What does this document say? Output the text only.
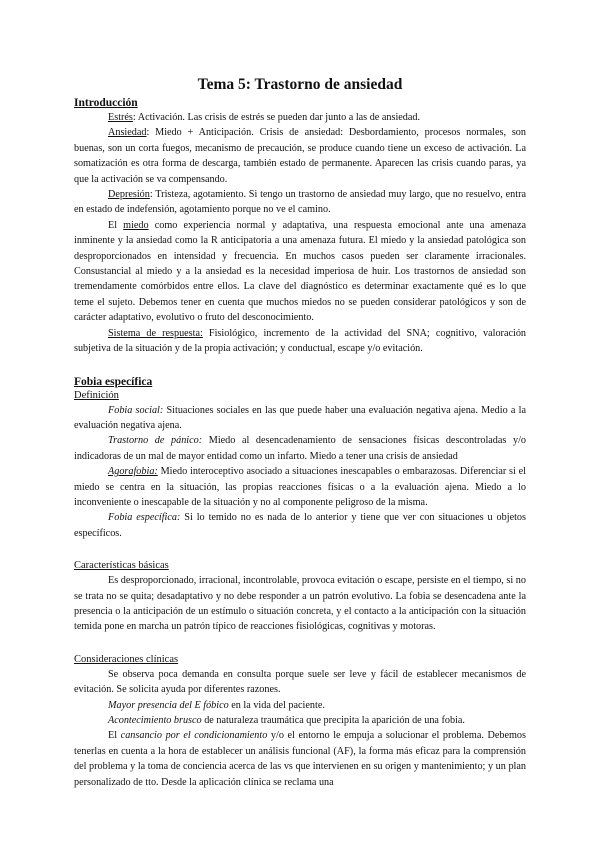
Tema 5: Trastorno de ansiedad
Introducción

Estrés: Activación. Las crisis de estrés se pueden dar junto a las de ansiedad.

Ansiedad: Miedo + Anticipación. Crisis de ansiedad: Desbordamiento, procesos normales, son buenas, son un corta fuegos, mecanismo de precaución, se produce cuando tiene un exceso de activación. La somatización es otra forma de descarga, también estado de permanente. Aparecen las crisis cuando paras, ya que la activación se va compensando.

Depresión: Tristeza, agotamiento. Si tengo un trastorno de ansiedad muy largo, que no resuelvo, entra en estado de indefensión, agotamiento porque no ve el camino.

El miedo como experiencia normal y adaptativa, una respuesta emocional ante una amenaza inminente y la ansiedad como la R anticipatoria a una amenaza futura. El miedo y la ansiedad patológica son desproporcionados en intensidad y frecuencia. En muchos casos pueden ser claramente irracionales. Consustancial al miedo y a la ansiedad es la necesidad imperiosa de huir. Los trastornos de ansiedad son tremendamente comórbidos entre ellos. La clave del diagnóstico es determinar exactamente qué es lo que teme el sujeto. Debemos tener en cuenta que muchos miedos no se pueden considerar patológicos y son de carácter adaptativo, evolutivo o fruto del desconocimiento.

Sistema de respuesta: Fisiológico, incremento de la actividad del SNA; cognitivo, valoración subjetiva de la situación y de la propia activación; y conductual, escape y/o evitación.

Fobia específica
Definición

Fobia social: Situaciones sociales en las que puede haber una evaluación negativa ajena. Medio a la evaluación negativa ajena.

Trastorno de pánico: Miedo al desencadenamiento de sensaciones físicas descontroladas y/o indicadoras de un mal de mayor entidad como un infarto. Miedo a tener una crisis de ansiedad

Agorafobia: Miedo interoceptivo asociado a situaciones inescapables o embarazosas. Diferenciar si el miedo se centra en la situación, las propias reacciones físicas o a la evaluación ajena. Miedo a lo inconveniente o inescapable de la situación y no al componente peligroso de la misma.

Fobia específica: Si lo temido no es nada de lo anterior y tiene que ver con situaciones u objetos específicos.

Características básicas

Es desproporcionado, irracional, incontrolable, provoca evitación o escape, persiste en el tiempo, si no se trata no se quita; desadaptativo y no debe responder a un patrón evolutivo. La fobia se desencadena ante la presencia o la anticipación de un estímulo o situación concreta, y el contacto a la anticipación con la situación temida pone en marcha un patrón típico de reacciones fisiológicas, cognitivas y motoras.

Consideraciones clínicas

Se observa poca demanda en consulta porque suele ser leve y fácil de establecer mecanismos de evitación. Se solicita ayuda por diferentes razones.

Mayor presencia del E fóbico en la vida del paciente.

Acontecimiento brusco de naturaleza traumática que precipita la aparición de una fobia.

El cansancio por el condicionamiento y/o el entorno le empuja a solucionar el problema. Debemos tenerlas en cuenta a la hora de establecer un análisis funcional (AF), la forma más eficaz para la comprensión del problema y la toma de conciencia acerca de las vs que intervienen en su origen y mantenimiento; y un plan personalizado de tto. Desde la aplicación clínica se reclama una
